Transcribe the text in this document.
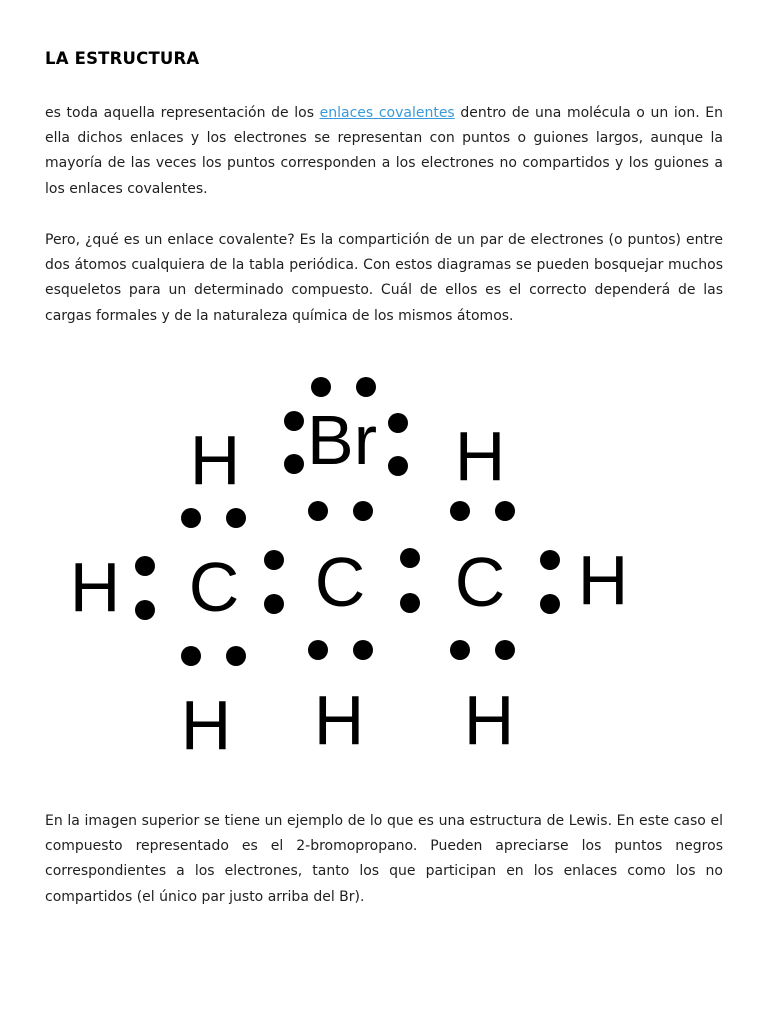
LA ESTRUCTURA

es toda aquella representación de los enlaces covalentes dentro de una molécula o un ion. En ella dichos enlaces y los electrones se representan con puntos o guiones largos, aunque la mayoría de las veces los puntos corresponden a los electrones no compartidos y los guiones a los enlaces covalentes.

Pero, ¿qué es un enlace covalente? Es la compartición de un par de electrones (o puntos) entre dos átomos cualquiera de la tabla periódica. Con estos diagramas se pueden bosquejar muchos esqueletos para un determinado compuesto. Cuál de ellos es el correcto dependerá de las cargas formales y de la naturaleza química de los mismos átomos.

Br
C C C
H	H
H	H
H H H

En la imagen superior se tiene un ejemplo de lo que es una estructura de Lewis. En este caso el compuesto representado es el 2-bromopropano. Pueden apreciarse los puntos negros correspondientes a los electrones, tanto los que participan en los enlaces como los no compartidos (el único par justo arriba del Br).
